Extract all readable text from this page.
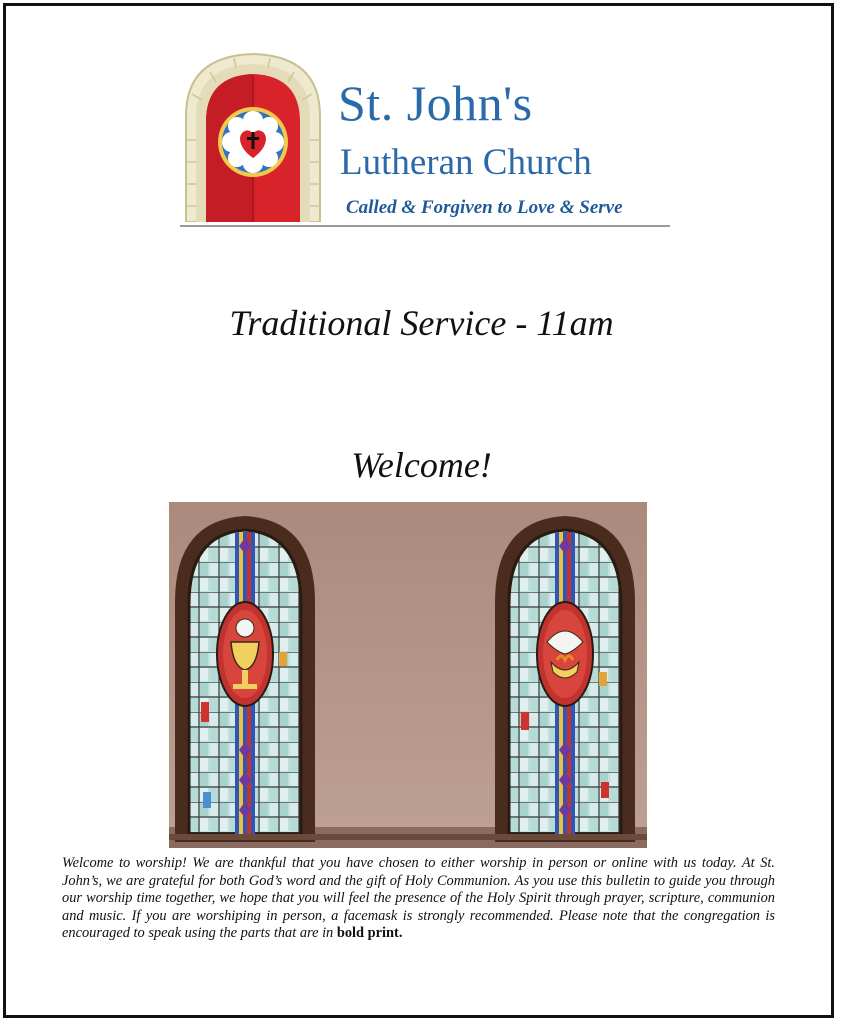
St. John's
Lutheran Church
Called & Forgiven to Love & Serve
Traditional Service - 11am
Welcome!

Welcome to worship! We are thankful that you have chosen to either worship in person or online with us today. At St. John’s, we are grateful for both God’s word and the gift of Holy Communion. As you use this bulletin to guide you through our worship time together, we hope that you will feel the presence of the Holy Spirit through prayer, scripture, communion and music. If you are worshiping in person, a facemask is strongly recommended. Please note that the congregation is encouraged to speak using the parts that are in bold print.
